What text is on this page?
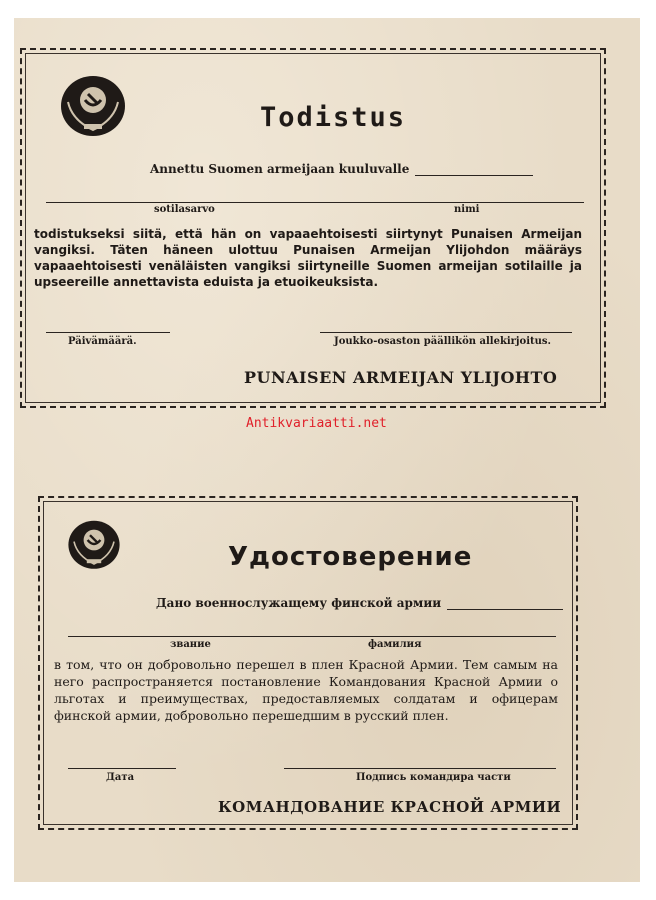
Todistus
Annettu Suomen armeijaan kuuluvalle
sotilasarvo	nimi
todistukseksi siitä, että hän on vapaaehtoisesti siirtynyt Punaisen Armeijan vangiksi. Täten häneen ulottuu Punaisen Armeijan Ylijohdon määräys vapaaehtoisesti venäläisten vangiksi siirtyneille Suomen armeijan sotilaille ja upseereille annettavista eduista ja etuoikeuksista.
Päivämäärä.	Joukko-osaston päällikön allekirjoitus.
PUNAISEN ARMEIJAN YLIJOHTO
Antikvariaatti.net
Удостоверение
Дано военнослужащему финской армии
звание	фамилия
в том, что он добровольно перешел в плен Красной Армии. Тем самым на него распространяется постановление Командования Красной Армии о льготах и преимуществах, предоставляемых солдатам и офицерам финской армии, добровольно перешедшим в русский плен.
Дата	Подпись командира части
КОМАНДОВАНИЕ КРАСНОЙ АРМИИ
